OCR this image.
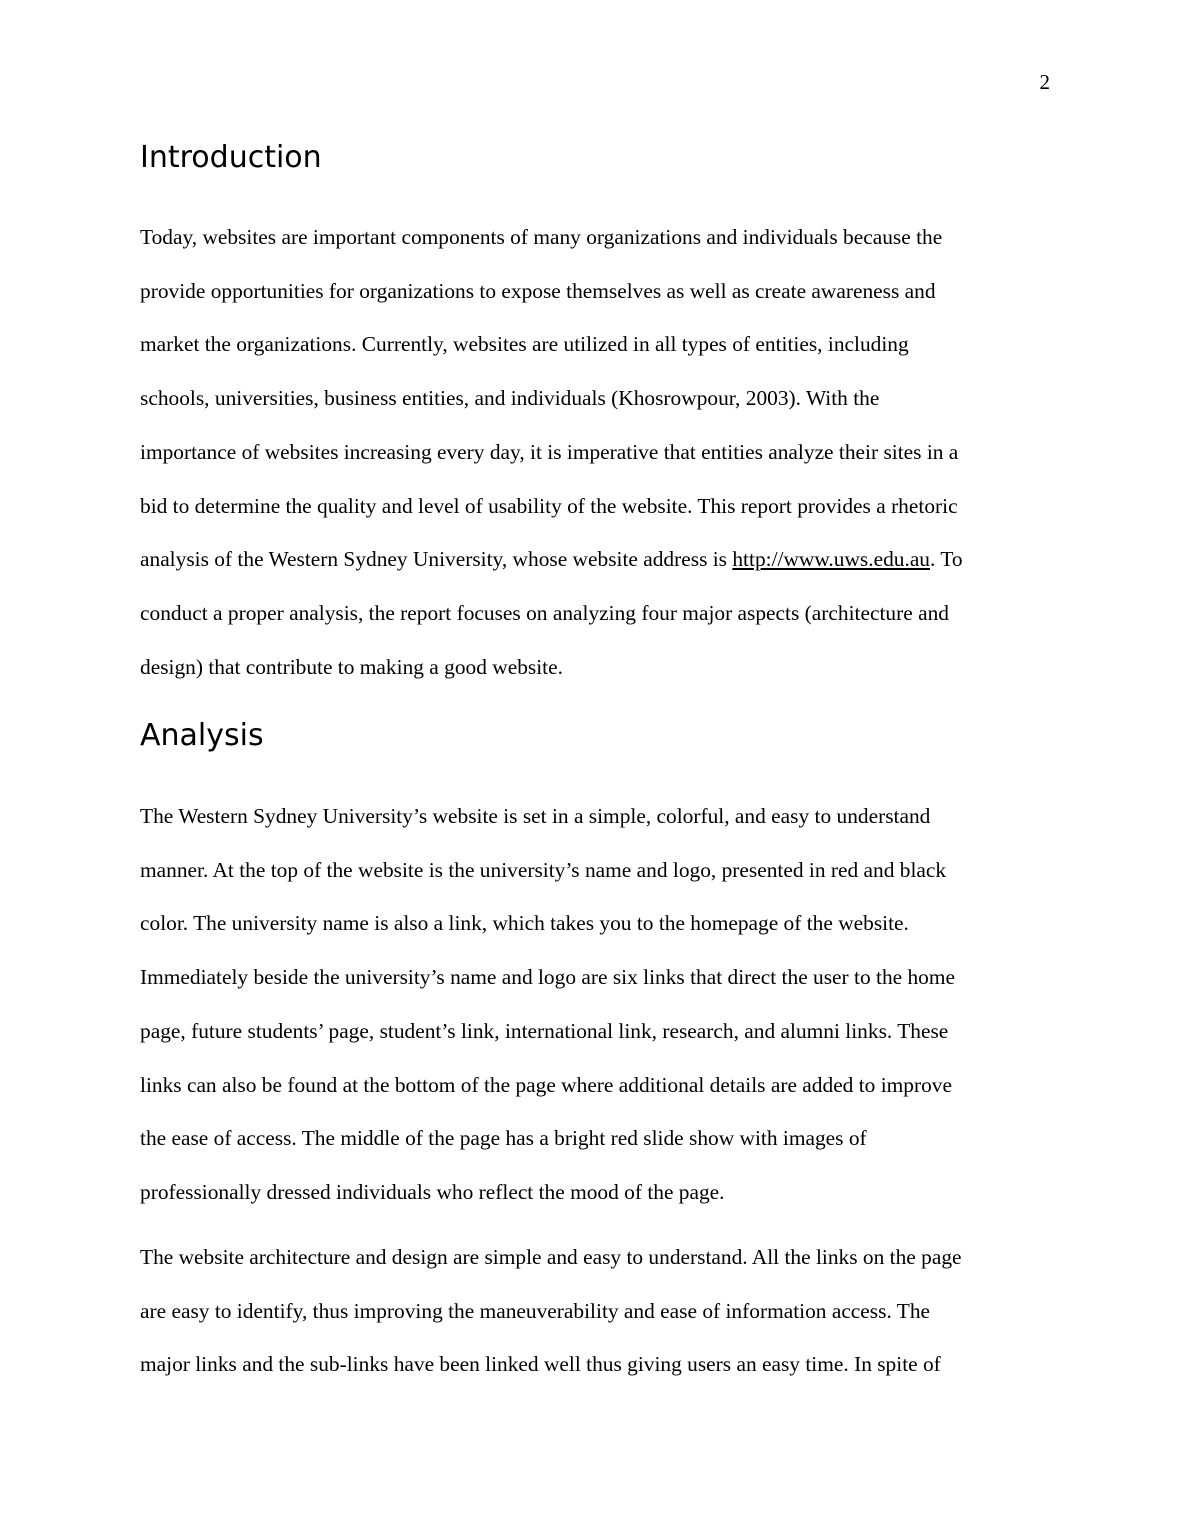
2
Introduction

Today, websites are important components of many organizations and individuals because the
provide opportunities for organizations to expose themselves as well as create awareness and
market the organizations. Currently, websites are utilized in all types of entities, including
schools, universities, business entities, and individuals (Khosrowpour, 2003). With the
importance of websites increasing every day, it is imperative that entities analyze their sites in a
bid to determine the quality and level of usability of the website. This report provides a rhetoric
analysis of the Western Sydney University, whose website address is http://www.uws.edu.au. To
conduct a proper analysis, the report focuses on analyzing four major aspects (architecture and
design) that contribute to making a good website.

Analysis

The Western Sydney University’s website is set in a simple, colorful, and easy to understand
manner. At the top of the website is the university’s name and logo, presented in red and black
color. The university name is also a link, which takes you to the homepage of the website.
Immediately beside the university’s name and logo are six links that direct the user to the home
page, future students’ page, student’s link, international link, research, and alumni links. These
links can also be found at the bottom of the page where additional details are added to improve
the ease of access. The middle of the page has a bright red slide show with images of
professionally dressed individuals who reflect the mood of the page.

The website architecture and design are simple and easy to understand. All the links on the page
are easy to identify, thus improving the maneuverability and ease of information access. The
major links and the sub-links have been linked well thus giving users an easy time. In spite of
